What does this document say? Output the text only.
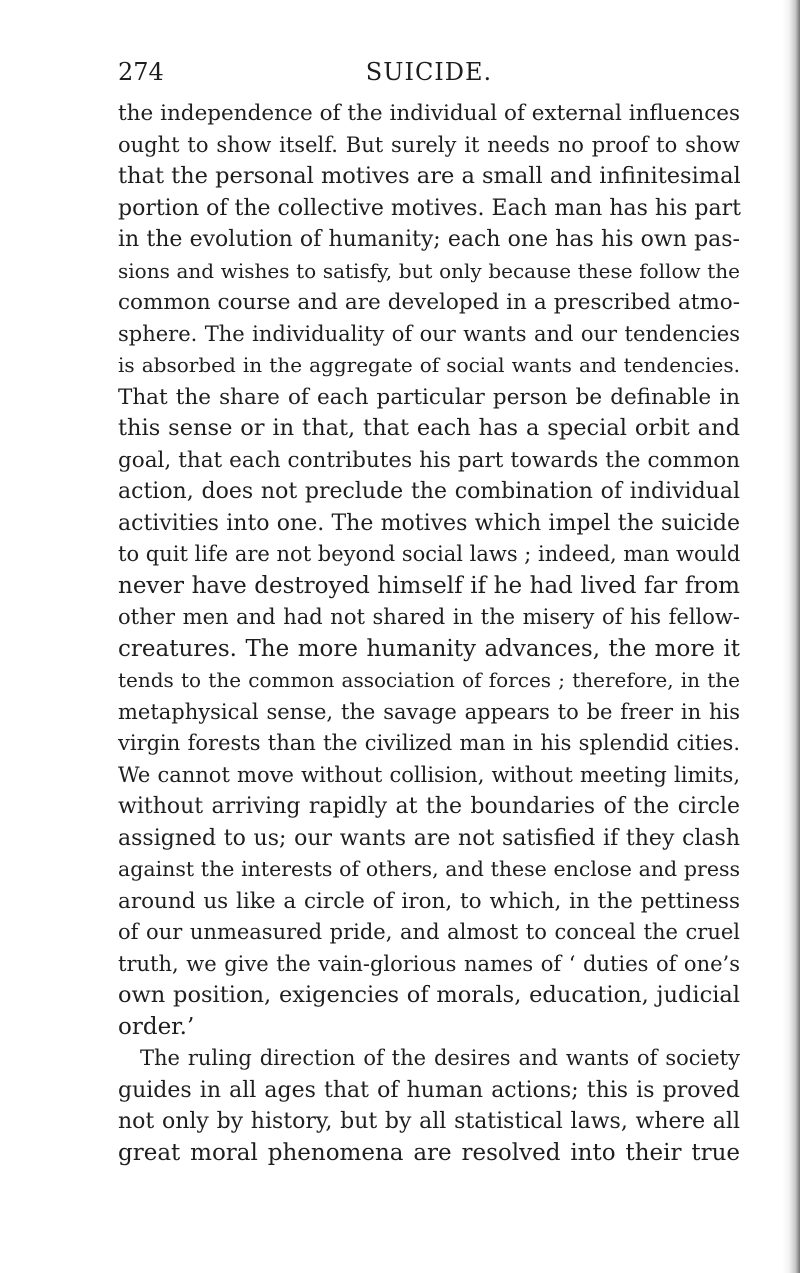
274	SUICIDE.
the independence of the individual of external influences
ought to show itself. But surely it needs no proof to show
that the personal motives are a small and infinitesimal
portion of the collective motives. Each man has his part
in the evolution of humanity; each one has his own pas-
sions and wishes to satisfy, but only because these follow the
common course and are developed in a prescribed atmo-
sphere. The individuality of our wants and our tendencies
is absorbed in the aggregate of social wants and tendencies.
That the share of each particular person be definable in
this sense or in that, that each has a special orbit and
goal, that each contributes his part towards the common
action, does not preclude the combination of individual
activities into one. The motives which impel the suicide
to quit life are not beyond social laws ; indeed, man would
never have destroyed himself if he had lived far from
other men and had not shared in the misery of his fellow-
creatures. The more humanity advances, the more it
tends to the common association of forces ; therefore, in the
metaphysical sense, the savage appears to be freer in his
virgin forests than the civilized man in his splendid cities.
We cannot move without collision, without meeting limits,
without arriving rapidly at the boundaries of the circle
assigned to us; our wants are not satisfied if they clash
against the interests of others, and these enclose and press
around us like a circle of iron, to which, in the pettiness
of our unmeasured pride, and almost to conceal the cruel
truth, we give the vain-glorious names of ‘ duties of one’s
own position, exigencies of morals, education, judicial
order.’
The ruling direction of the desires and wants of society
guides in all ages that of human actions; this is proved
not only by history, but by all statistical laws, where all
great moral phenomena are resolved into their true
